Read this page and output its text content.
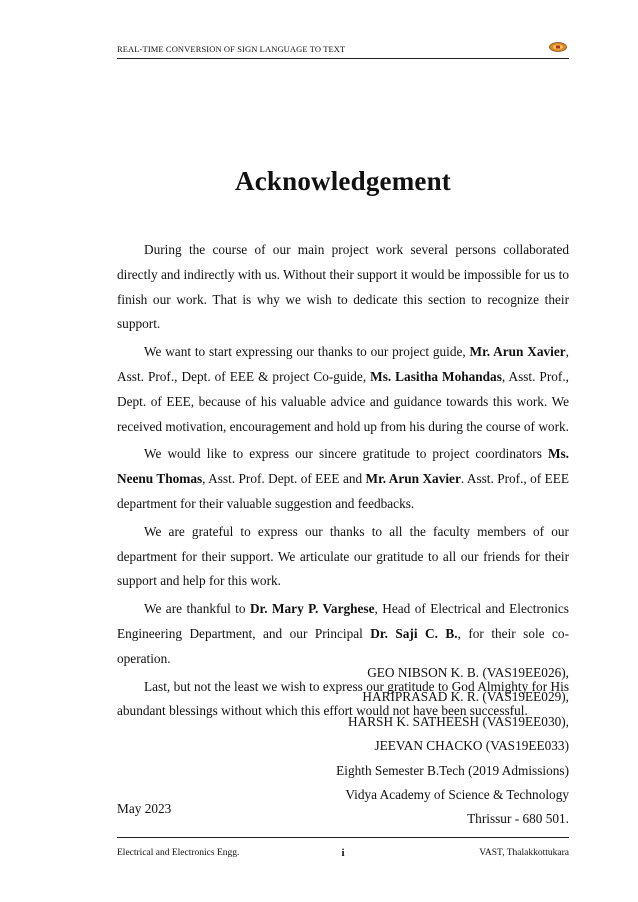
REAL-TIME CONVERSION OF SIGN LANGUAGE TO TEXT
Acknowledgement

During the course of our main project work several persons collaborated directly and indirectly with us. Without their support it would be impossible for us to finish our work. That is why we wish to dedicate this section to recognize their support.

We want to start expressing our thanks to our project guide, Mr. Arun Xavier, Asst. Prof., Dept. of EEE & project Co-guide, Ms. Lasitha Mohandas, Asst. Prof., Dept. of EEE, because of his valuable advice and guidance towards this work. We received motivation, encouragement and hold up from his during the course of work.

We would like to express our sincere gratitude to project coordinators Ms. Neenu Thomas, Asst. Prof. Dept. of EEE and Mr. Arun Xavier. Asst. Prof., of EEE department for their valuable suggestion and feedbacks.

We are grateful to express our thanks to all the faculty members of our department for their support. We articulate our gratitude to all our friends for their support and help for this work.

We are thankful to Dr. Mary P. Varghese, Head of Electrical and Electronics Engineering Department, and our Principal Dr. Saji C. B., for their sole co-operation.

Last, but not the least we wish to express our gratitude to God Almighty for His abundant blessings without which this effort would not have been successful.

GEO NIBSON K. B. (VAS19EE026),
HARIPRASAD K. R. (VAS19EE029),
HARSH K. SATHEESH (VAS19EE030),
JEEVAN CHACKO (VAS19EE033)
Eighth Semester B.Tech (2019 Admissions)
Vidya Academy of Science & Technology
Thrissur - 680 501.
May 2023
Electrical and Electronics Engg.	i	VAST, Thalakkottukara
